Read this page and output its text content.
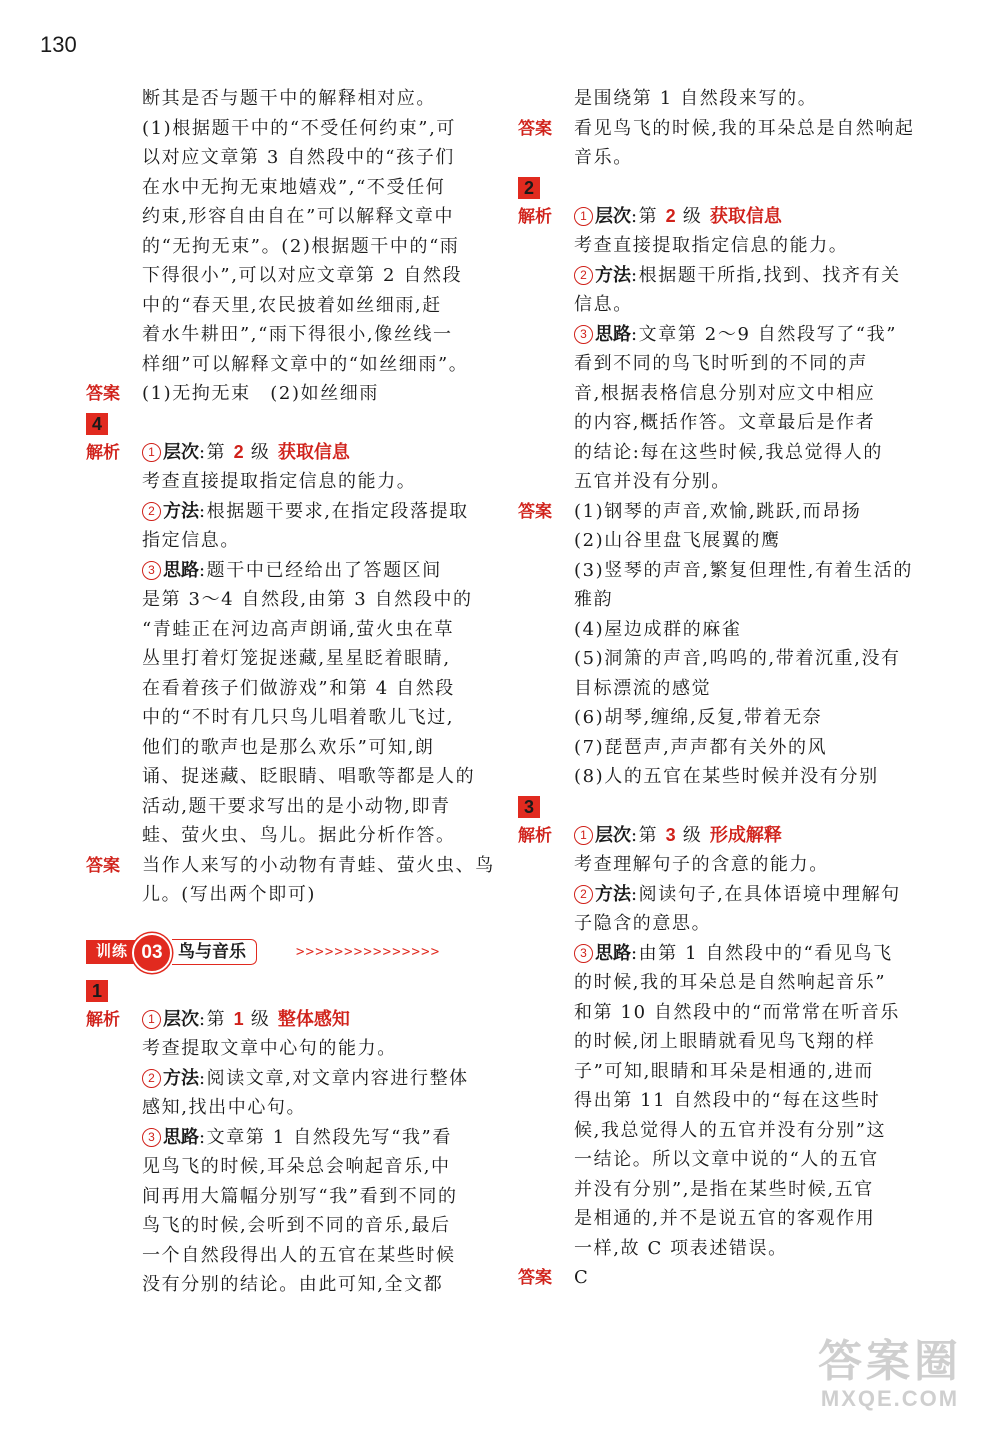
130
断其是否与题干中的解释相对应。
(1)根据题干中的“不受任何约束”,可
以对应文章第 3 自然段中的“孩子们
在水中无拘无束地嬉戏”,“不受任何
约束,形容自由自在”可以解释文章中
的“无拘无束”。(2)根据题干中的“雨
下得很小”,可以对应文章第 2 自然段
中的“春天里,农民披着如丝细雨,赶
着水牛耕田”,“雨下得很小,像丝线一
样细”可以解释文章中的“如丝细雨”。
答案 (1)无拘无束　(2)如丝细雨
4
解析	1 层次:第 2 级 获取信息
考查直接提取指定信息的能力。
2 方法:根据题干要求,在指定段落提取
指定信息。
3 思路:题干中已经给出了答题区间
是第 3～4 自然段,由第 3 自然段中的
“青蛙正在河边高声朗诵,萤火虫在草
丛里打着灯笼捉迷藏,星星眨着眼睛,
在看着孩子们做游戏”和第 4 自然段
中的“不时有几只鸟儿唱着歌儿飞过,
他们的歌声也是那么欢乐”可知,朗
诵、捉迷藏、眨眼睛、唱歌等都是人的
活动,题干要求写出的是小动物,即青
蛙、萤火虫、鸟儿。据此分析作答。
答案 当作人来写的小动物有青蛙、萤火虫、鸟
儿。(写出两个即可)
训练 03 鸟与音乐	>>>>>>>>>>>>>>>
1
解析	1 层次:第 1 级 整体感知
考查提取文章中心句的能力。
2 方法:阅读文章,对文章内容进行整体
感知,找出中心句。
3 思路:文章第 1 自然段先写“我”看
见鸟飞的时候,耳朵总会响起音乐,中
间再用大篇幅分别写“我”看到不同的
鸟飞的时候,会听到不同的音乐,最后
一个自然段得出人的五官在某些时候
没有分别的结论。由此可知,全文都
是围绕第 1 自然段来写的。
答案 看见鸟飞的时候,我的耳朵总是自然响起
音乐。
2
解析	1 层次:第 2 级 获取信息
考查直接提取指定信息的能力。
2 方法:根据题干所指,找到、找齐有关
信息。
3 思路:文章第 2～9 自然段写了“我”
看到不同的鸟飞时听到的不同的声
音,根据表格信息分别对应文中相应
的内容,概括作答。文章最后是作者
的结论:每在这些时候,我总觉得人的
五官并没有分别。
答案 (1)钢琴的声音,欢愉,跳跃,而昂扬
(2)山谷里盘飞展翼的鹰
(3)竖琴的声音,繁复但理性,有着生活的
雅韵
(4)屋边成群的麻雀
(5)洞箫的声音,呜呜的,带着沉重,没有
目标漂流的感觉
(6)胡琴,缠绵,反复,带着无奈
(7)琵琶声,声声都有关外的风
(8)人的五官在某些时候并没有分别
3
解析	1 层次:第 3 级 形成解释
考查理解句子的含意的能力。
2 方法:阅读句子,在具体语境中理解句
子隐含的意思。
3 思路:由第 1 自然段中的“看见鸟飞
的时候,我的耳朵总是自然响起音乐”
和第 10 自然段中的“而常常在听音乐
的时候,闭上眼睛就看见鸟飞翔的样
子”可知,眼睛和耳朵是相通的,进而
得出第 11 自然段中的“每在这些时
候,我总觉得人的五官并没有分别”这
一结论。所以文章中说的“人的五官
并没有分别”,是指在某些时候,五官
是相通的,并不是说五官的客观作用
一样,故 C 项表述错误。
答案 C
答案圈
MXQE.COM
